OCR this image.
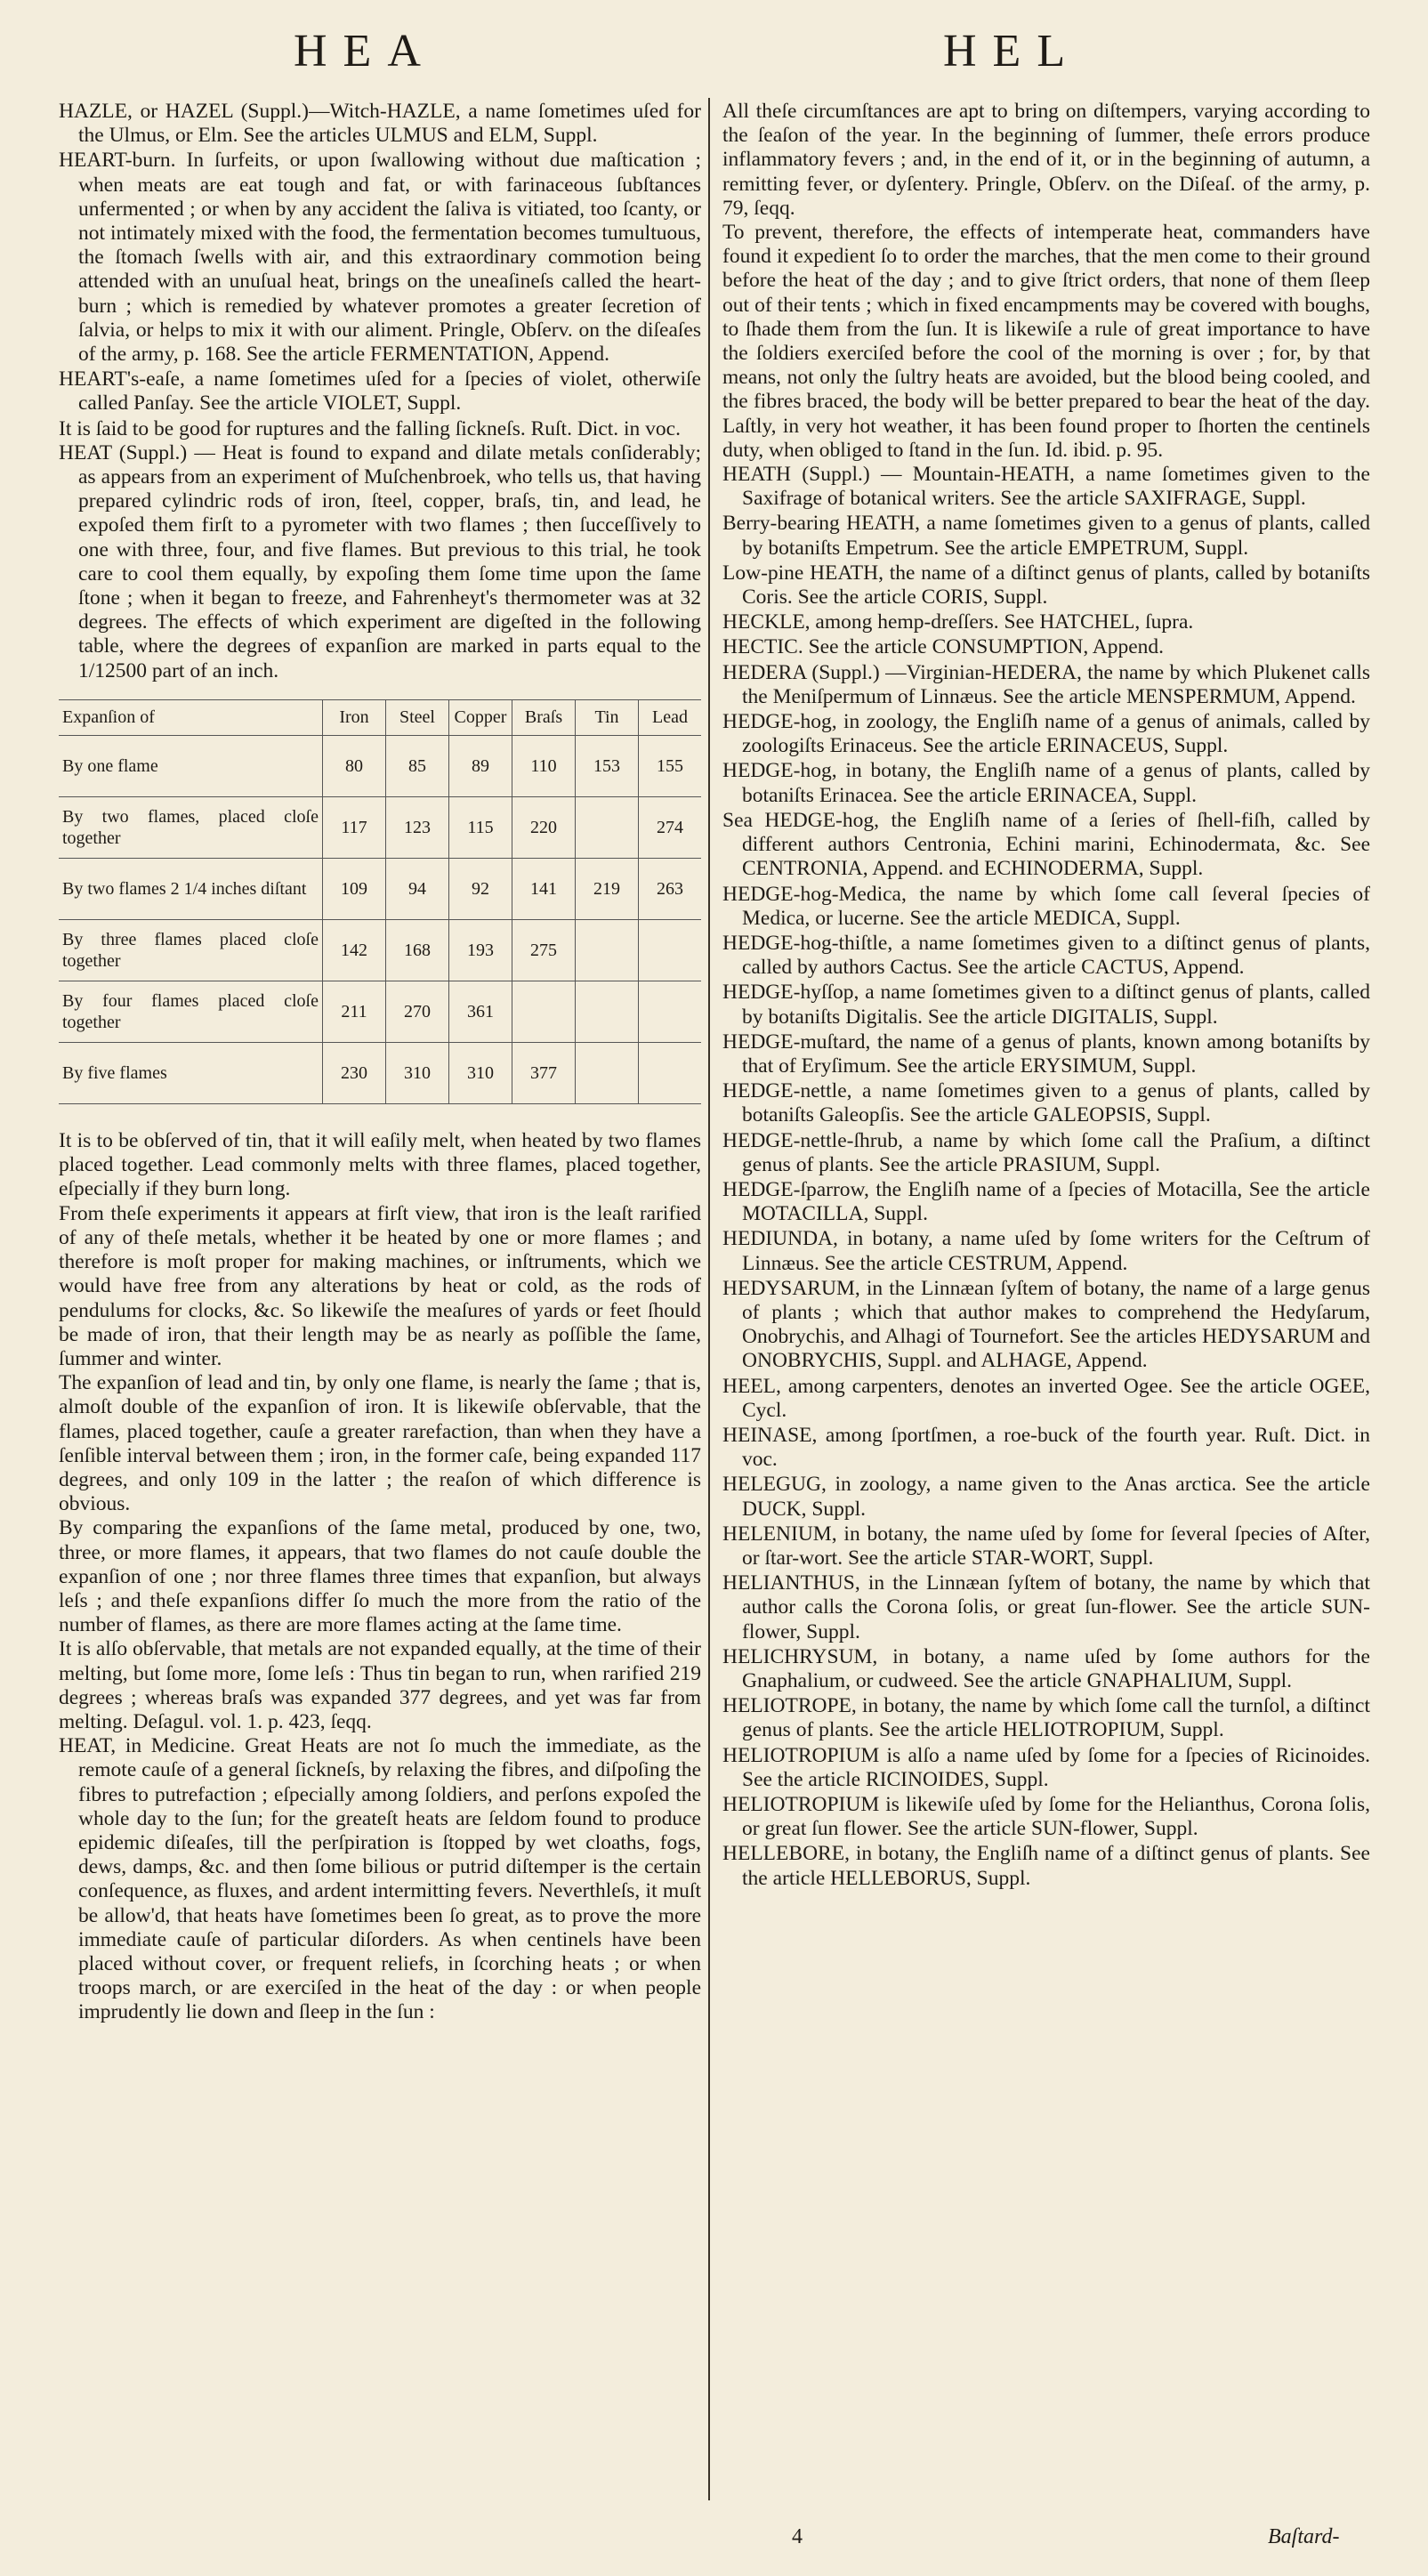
HEA	HEL

HAZLE, or HAZEL (Suppl.)—Witch-HAZLE, a name ſometimes uſed for the Ulmus, or Elm. See the articles ULMUS and ELM, Suppl.

HEART-burn. In ſurfeits, or upon ſwallowing without due maſtication ; when meats are eat tough and fat, or with farinaceous ſubſtances unfermented ; or when by any accident the ſaliva is vitiated, too ſcanty, or not intimately mixed with the food, the fermentation becomes tumultuous, the ſtomach ſwells with air, and this extraordinary commotion being attended with an unuſual heat, brings on the uneaſineſs called the heart-burn ; which is remedied by whatever promotes a greater ſecretion of ſalvia, or helps to mix it with our aliment. Pringle, Obſerv. on the diſeaſes of the army, p. 168. See the article FERMENTATION, Append.

HEART's-eaſe, a name ſometimes uſed for a ſpecies of violet, otherwiſe called Panſay. See the article VIOLET, Suppl.

It is ſaid to be good for ruptures and the falling ſickneſs. Ruſt. Dict. in voc.

HEAT (Suppl.) — Heat is found to expand and dilate metals conſiderably; as appears from an experiment of Muſchenbroek, who tells us, that having prepared cylindric rods of iron, ſteel, copper, braſs, tin, and lead, he expoſed them firſt to a pyrometer with two flames ; then ſucceſſively to one with three, four, and five flames. But previous to this trial, he took care to cool them equally, by expoſing them ſome time upon the ſame ſtone ; when it began to freeze, and Fahrenheyt's thermometer was at 32 degrees. The effects of which experiment are digeſted in the following table, where the degrees of expanſion are marked in parts equal to the 1/12500 part of an inch.

Expanſion of	Iron	Steel	Copper	Braſs	Tin	Lead
By one flame	80	85	89	110	153	155
By two flames, placed cloſe together	117	123	115	220		274
By two flames 2 1/4 inches diſtant	109	94	92	141	219	263
By three flames placed cloſe together	142	168	193	275		
By four flames placed cloſe together	211	270	361			
By five flames	230	310	310	377		

It is to be obſerved of tin, that it will eaſily melt, when heated by two flames placed together. Lead commonly melts with three flames, placed together, eſpecially if they burn long.

From theſe experiments it appears at firſt view, that iron is the leaſt rarified of any of theſe metals, whether it be heated by one or more flames ; and therefore is moſt proper for making machines, or inſtruments, which we would have free from any alterations by heat or cold, as the rods of pendulums for clocks, &c. So likewiſe the meaſures of yards or feet ſhould be made of iron, that their length may be as nearly as poſſible the ſame, ſummer and winter.

The expanſion of lead and tin, by only one flame, is nearly the ſame ; that is, almoſt double of the expanſion of iron. It is likewiſe obſervable, that the flames, placed together, cauſe a greater rarefaction, than when they have a ſenſible interval between them ; iron, in the former caſe, being expanded 117 degrees, and only 109 in the latter ; the reaſon of which difference is obvious.

By comparing the expanſions of the ſame metal, produced by one, two, three, or more flames, it appears, that two flames do not cauſe double the expanſion of one ; nor three flames three times that expanſion, but always leſs ; and theſe expanſions differ ſo much the more from the ratio of the number of flames, as there are more flames acting at the ſame time.

It is alſo obſervable, that metals are not expanded equally, at the time of their melting, but ſome more, ſome leſs : Thus tin began to run, when rarified 219 degrees ; whereas braſs was expanded 377 degrees, and yet was far from melting. Deſagul. vol. 1. p. 423, ſeqq.

HEAT, in Medicine. Great Heats are not ſo much the immediate, as the remote cauſe of a general ſickneſs, by relaxing the fibres, and diſpoſing the fibres to putrefaction ; eſpecially among ſoldiers, and perſons expoſed the whole day to the ſun; for the greateſt heats are ſeldom found to produce epidemic diſeaſes, till the perſpiration is ſtopped by wet cloaths, fogs, dews, damps, &c. and then ſome bilious or putrid diſtemper is the certain conſequence, as fluxes, and ardent intermitting fevers. Neverthleſs, it muſt be allow'd, that heats have ſometimes been ſo great, as to prove the more immediate cauſe of particular diſorders. As when centinels have been placed without cover, or frequent reliefs, in ſcorching heats ; or when troops march, or are exerciſed in the heat of the day : or when people imprudently lie down and ſleep in the ſun :

All theſe circumſtances are apt to bring on diſtempers, varying according to the ſeaſon of the year. In the beginning of ſummer, theſe errors produce inflammatory fevers ; and, in the end of it, or in the beginning of autumn, a remitting fever, or dyſentery. Pringle, Obſerv. on the Diſeaſ. of the army, p. 79, ſeqq.

To prevent, therefore, the effects of intemperate heat, commanders have found it expedient ſo to order the marches, that the men come to their ground before the heat of the day ; and to give ſtrict orders, that none of them ſleep out of their tents ; which in fixed encampments may be covered with boughs, to ſhade them from the ſun. It is likewiſe a rule of great importance to have the ſoldiers exerciſed before the cool of the morning is over ; for, by that means, not only the ſultry heats are avoided, but the blood being cooled, and the fibres braced, the body will be better prepared to bear the heat of the day. Laſtly, in very hot weather, it has been found proper to ſhorten the centinels duty, when obliged to ſtand in the ſun. Id. ibid. p. 95.

HEATH (Suppl.) — Mountain-HEATH, a name ſometimes given to the Saxifrage of botanical writers. See the article SAXIFRAGE, Suppl.

Berry-bearing HEATH, a name ſometimes given to a genus of plants, called by botaniſts Empetrum. See the article EMPETRUM, Suppl.

Low-pine HEATH, the name of a diſtinct genus of plants, called by botaniſts Coris. See the article CORIS, Suppl.

HECKLE, among hemp-dreſſers. See HATCHEL, ſupra.

HECTIC. See the article CONSUMPTION, Append.

HEDERA (Suppl.) —Virginian-HEDERA, the name by which Plukenet calls the Meniſpermum of Linnæus. See the article MENSPERMUM, Append.

HEDGE-hog, in zoology, the Engliſh name of a genus of animals, called by zoologiſts Erinaceus. See the article ERINACEUS, Suppl.

HEDGE-hog, in botany, the Engliſh name of a genus of plants, called by botaniſts Erinacea. See the article ERINACEA, Suppl.

Sea HEDGE-hog, the Engliſh name of a ſeries of ſhell-fiſh, called by different authors Centronia, Echini marini, Echinodermata, &c. See CENTRONIA, Append. and ECHINODERMA, Suppl.

HEDGE-hog-Medica, the name by which ſome call ſeveral ſpecies of Medica, or lucerne. See the article MEDICA, Suppl.

HEDGE-hog-thiſtle, a name ſometimes given to a diſtinct genus of plants, called by authors Cactus. See the article CACTUS, Append.

HEDGE-hyſſop, a name ſometimes given to a diſtinct genus of plants, called by botaniſts Digitalis. See the article DIGITALIS, Suppl.

HEDGE-muſtard, the name of a genus of plants, known among botaniſts by that of Eryſimum. See the article ERYSIMUM, Suppl.

HEDGE-nettle, a name ſometimes given to a genus of plants, called by botaniſts Galeopſis. See the article GALEOPSIS, Suppl.

HEDGE-nettle-ſhrub, a name by which ſome call the Praſium, a diſtinct genus of plants. See the article PRASIUM, Suppl.

HEDGE-ſparrow, the Engliſh name of a ſpecies of Motacilla, See the article MOTACILLA, Suppl.

HEDIUNDA, in botany, a name uſed by ſome writers for the Ceſtrum of Linnæus. See the article CESTRUM, Append.

HEDYSARUM, in the Linnæan ſyſtem of botany, the name of a large genus of plants ; which that author makes to comprehend the Hedyſarum, Onobrychis, and Alhagi of Tournefort. See the articles HEDYSARUM and ONOBRYCHIS, Suppl. and ALHAGE, Append.

HEEL, among carpenters, denotes an inverted Ogee. See the article OGEE, Cycl.

HEINASE, among ſportſmen, a roe-buck of the fourth year. Ruſt. Dict. in voc.

HELEGUG, in zoology, a name given to the Anas arctica. See the article DUCK, Suppl.

HELENIUM, in botany, the name uſed by ſome for ſeveral ſpecies of Aſter, or ſtar-wort. See the article STAR-WORT, Suppl.

HELIANTHUS, in the Linnæan ſyſtem of botany, the name by which that author calls the Corona ſolis, or great ſun-flower. See the article SUN-flower, Suppl.

HELICHRYSUM, in botany, a name uſed by ſome authors for the Gnaphalium, or cudweed. See the article GNAPHALIUM, Suppl.

HELIOTROPE, in botany, the name by which ſome call the turnſol, a diſtinct genus of plants. See the article HELIOTROPIUM, Suppl.

HELIOTROPIUM is alſo a name uſed by ſome for a ſpecies of Ricinoides. See the article RICINOIDES, Suppl.

HELIOTROPIUM is likewiſe uſed by ſome for the Helianthus, Corona ſolis, or great ſun flower. See the article SUN-flower, Suppl.

HELLEBORE, in botany, the Engliſh name of a diſtinct genus of plants. See the article HELLEBORUS, Suppl.

4	Baſtard-
